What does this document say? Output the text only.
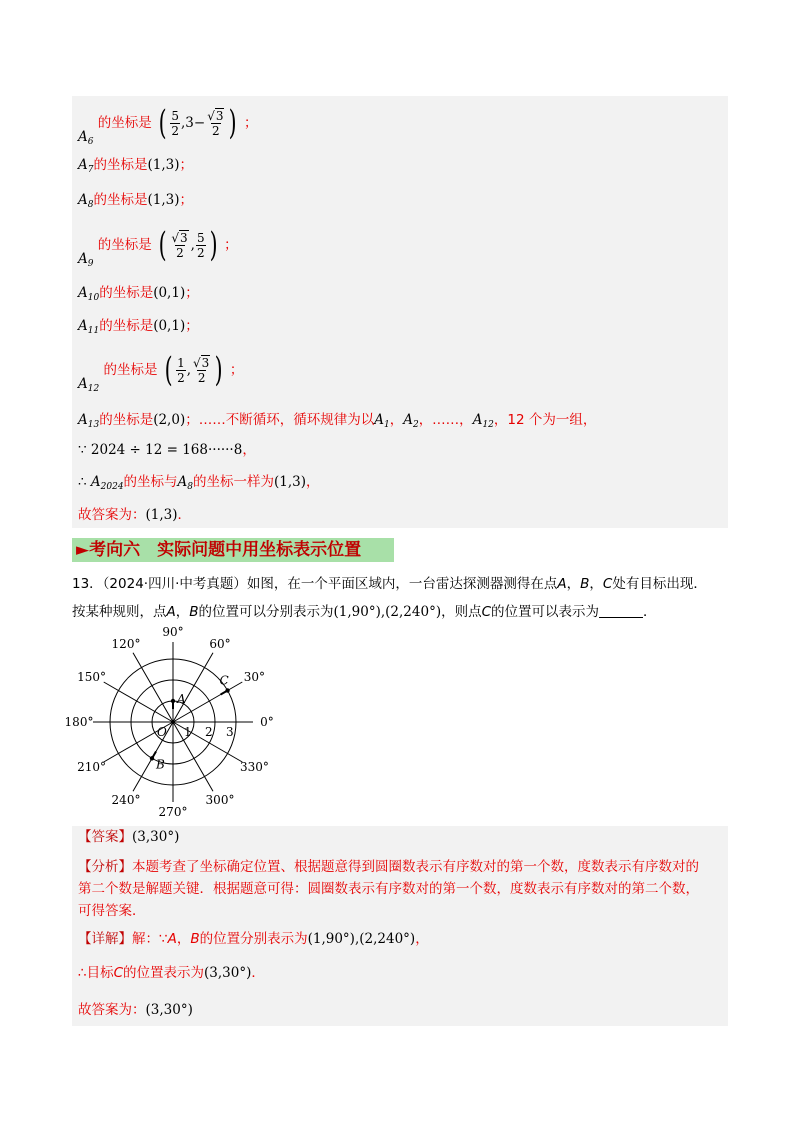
$A_6$ 的坐标是 ( $\frac{5}{2} ,3- \frac{√3}{2}$ ) ；
$A_7$的坐标是(1,3)；
$A_8$的坐标是(1,3)；
$A_9$ 的坐标是 ( $\frac{√3}{2}$ , $\frac{5}{2}$ ) ；
$A_{10}$的坐标是(0,1)；
$A_{11}$的坐标是(0,1)；
$A_{12}$ 的坐标是 ( $\frac{1}{2}$ , $\frac{√3}{2}$ ) ；
$A_{13}$的坐标是(2,0)；……不断循环，循环规律为以$A_1$，$A_2$，……，$A_{12}$，12 个为一组，
∵ 2024 ÷ 12 = 168······8，
∴ $A_{2024}$的坐标与$A_8$的坐标一样为(1,3)，
故答案为：(1,3)．
►考向六　实际问题中用坐标表示位置
13．（2024·四川·中考真题）如图，在一个平面区域内，一台雷达探测器测得在点A，B，C处有目标出现．
按某种规则，点A，B的位置可以分别表示为(1,90°),(2,240°)，则点C的位置可以表示为	．
0°
30°
60°
90°
120°
150°
180°
210°
240°
270°
300°
330°
1 2 3
O
A
B
C
【答案】(3,30°)
【分析】本题考查了坐标确定位置、根据题意得到圆圈数表示有序数对的第一个数，度数表示有序数对的
第二个数是解题关键．根据题意可得：圆圈数表示有序数对的第一个数，度数表示有序数对的第二个数，
可得答案．
【详解】解：∵A，B的位置分别表示为(1,90°),(2,240°)，
∴目标C的位置表示为(3,30°)．
故答案为：(3,30°)
